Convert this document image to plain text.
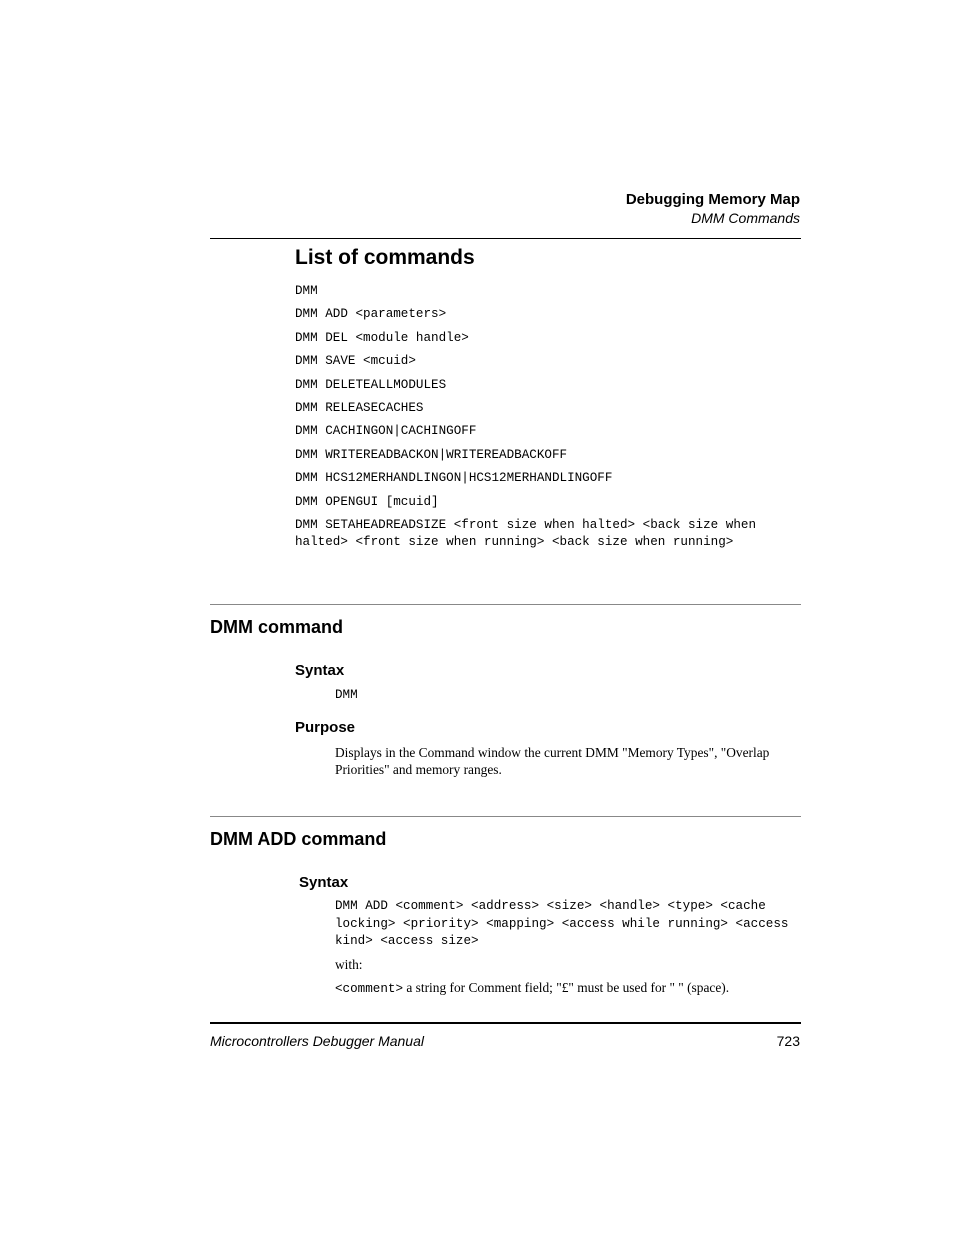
Debugging Memory Map
DMM Commands
List of commands
DMM
DMM ADD <parameters>
DMM DEL <module handle>
DMM SAVE <mcuid>
DMM DELETEALLMODULES
DMM RELEASECACHES
DMM CACHINGON|CACHINGOFF
DMM WRITEREADBACKON|WRITEREADBACKOFF
DMM HCS12MERHANDLINGON|HCS12MERHANDLINGOFF
DMM OPENGUI [mcuid]
DMM SETAHEADREADSIZE <front size when halted> <back size when halted> <front size when running> <back size when running>
DMM command
Syntax
DMM
Purpose
Displays in the Command window the current DMM "Memory Types", "Overlap Priorities" and memory ranges.
DMM ADD command
Syntax
DMM ADD <comment> <address> <size> <handle> <type> <cache locking> <priority> <mapping> <access while running> <access kind> <access size>
with:
<comment> a string for Comment field; "£" must be used for " " (space).
Microcontrollers Debugger Manual	723
